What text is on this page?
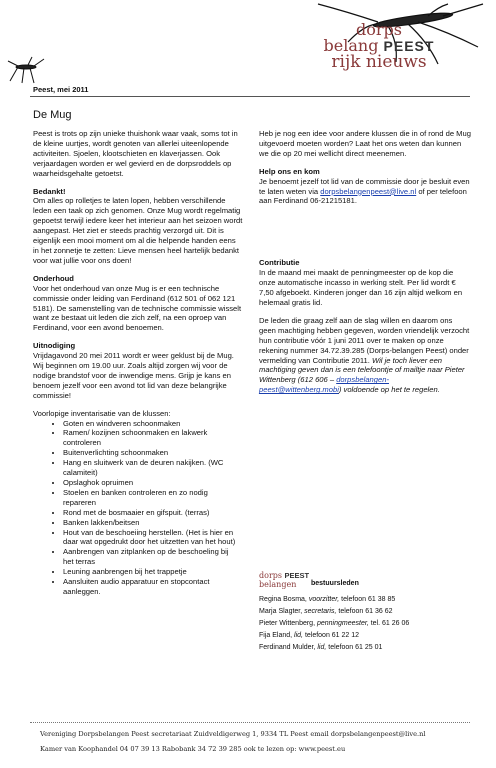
dorps
belang PEEST
rijk nieuws
Peest, mei 2011
De Mug

Peest is trots op zijn unieke thuishonk waar vaak, soms tot in de kleine uurtjes, wordt genoten van allerlei uiteenlopende activiteiten. Sjoelen, klootschieten en klaverjassen. Ook verjaardagen worden er wel gevierd en de dorpsroddels op waarheidsgehalte getoetst.

Bedankt!

Om alles op rolletjes te laten lopen, hebben verschillende leden een taak op zich genomen. Onze Mug wordt regelmatig gepoetst terwijl iedere keer het interieur aan het seizoen wordt aangepast. Het ziet er steeds prachtig verzorgd uit. Dit is eigenlijk een mooi moment om al die helpende handen eens in het zonnetje te zetten: Lieve mensen heel hartelijk bedankt voor wat jullie voor ons doen!

Onderhoud

Voor het onderhoud van onze Mug is er een technische commissie onder leiding van Ferdinand (612 501 of 062 121 5181). De samenstelling van de technische commissie wisselt want ze bestaat uit leden die zich zelf, na een oproep van Ferdinand, voor een avond benoemen.

Uitnodiging

Vrijdagavond 20 mei 2011 wordt er weer geklust bij de Mug. Wij beginnen om 19.00 uur. Zoals altijd zorgen wij voor de nodige brandstof voor de inwendige mens. Grijp je kans en benoem jezelf voor een avond tot lid van deze belangrijke commissie!

Voorlopige inventarisatie van de klussen:
• Goten en windveren schoonmaken
• Ramen/ kozijnen schoonmaken en lakwerk controleren
• Buitenverlichting schoonmaken
• Hang en sluitwerk van de deuren nakijken. (WC calamiteit)
• Opslaghok opruimen
• Stoelen en banken controleren en zo nodig repareren
• Rond met de bosmaaier en gifspuit. (terras)
• Banken lakken/beitsen
• Hout van de beschoeiing herstellen. (Het is hier en daar wat opgedrukt door het uitzetten van het hout)
• Aanbrengen van zitplanken op de beschoeling bij het terras
• Leuning aanbrengen bij het trappetje
• Aansluiten audio apparatuur en stopcontact aanleggen.

Heb je nog een idee voor andere klussen die in of rond de Mug uitgevoerd moeten worden? Laat het ons weten dan kunnen we die op 20 mei wellicht direct meenemen.

Help ons en kom

Je benoemt jezelf tot lid van de commissie door je besluit even te laten weten via dorpsbelangenpeest@live.nl of per telefoon aan Ferdinand 06-21215181.

Contributie

In de maand mei maakt de penningmeester op de kop die onze automatische incasso in werking stelt. Per lid wordt € 7,50 afgeboekt. Kinderen jonger dan 16 zijn altijd welkom en helemaal gratis lid.

De leden die graag zelf aan de slag willen en daarom ons geen machtiging hebben gegeven, worden vriendelijk verzocht hun contributie vóór 1 juni 2011 over te maken op onze rekening nummer 34.72.39.285 (Dorps-belangen Peest) onder vermelding van Contributie 2011. Wil je toch liever een machtiging geven dan is een telefoontje of mailtje naar Pieter Wittenberg (612 606 – dorpsbelangen-peest@wittenberg.mobi) voldoende op het te regelen.

dorps PEEST
belangen	bestuursleden
Regina Bosma, voorzitter, telefoon 61 38 85
Marja Slagter, secretaris, telefoon 61 36 62
Pieter Wittenberg, penningmeester, tel. 61 26 06
Fija Eland, lid, telefoon 61 22 12
Ferdinand Mulder, lid, telefoon 61 25 01
Vereniging Dorpsbelangen Peest secretariaat Zuidveldigerweg 1, 9334 TL Peest email dorpsbelangenpeest@live.nl
Kamer van Koophandel 04 07 39 13 Rabobank 34 72 39 285 ook te lezen op: www.peest.eu
